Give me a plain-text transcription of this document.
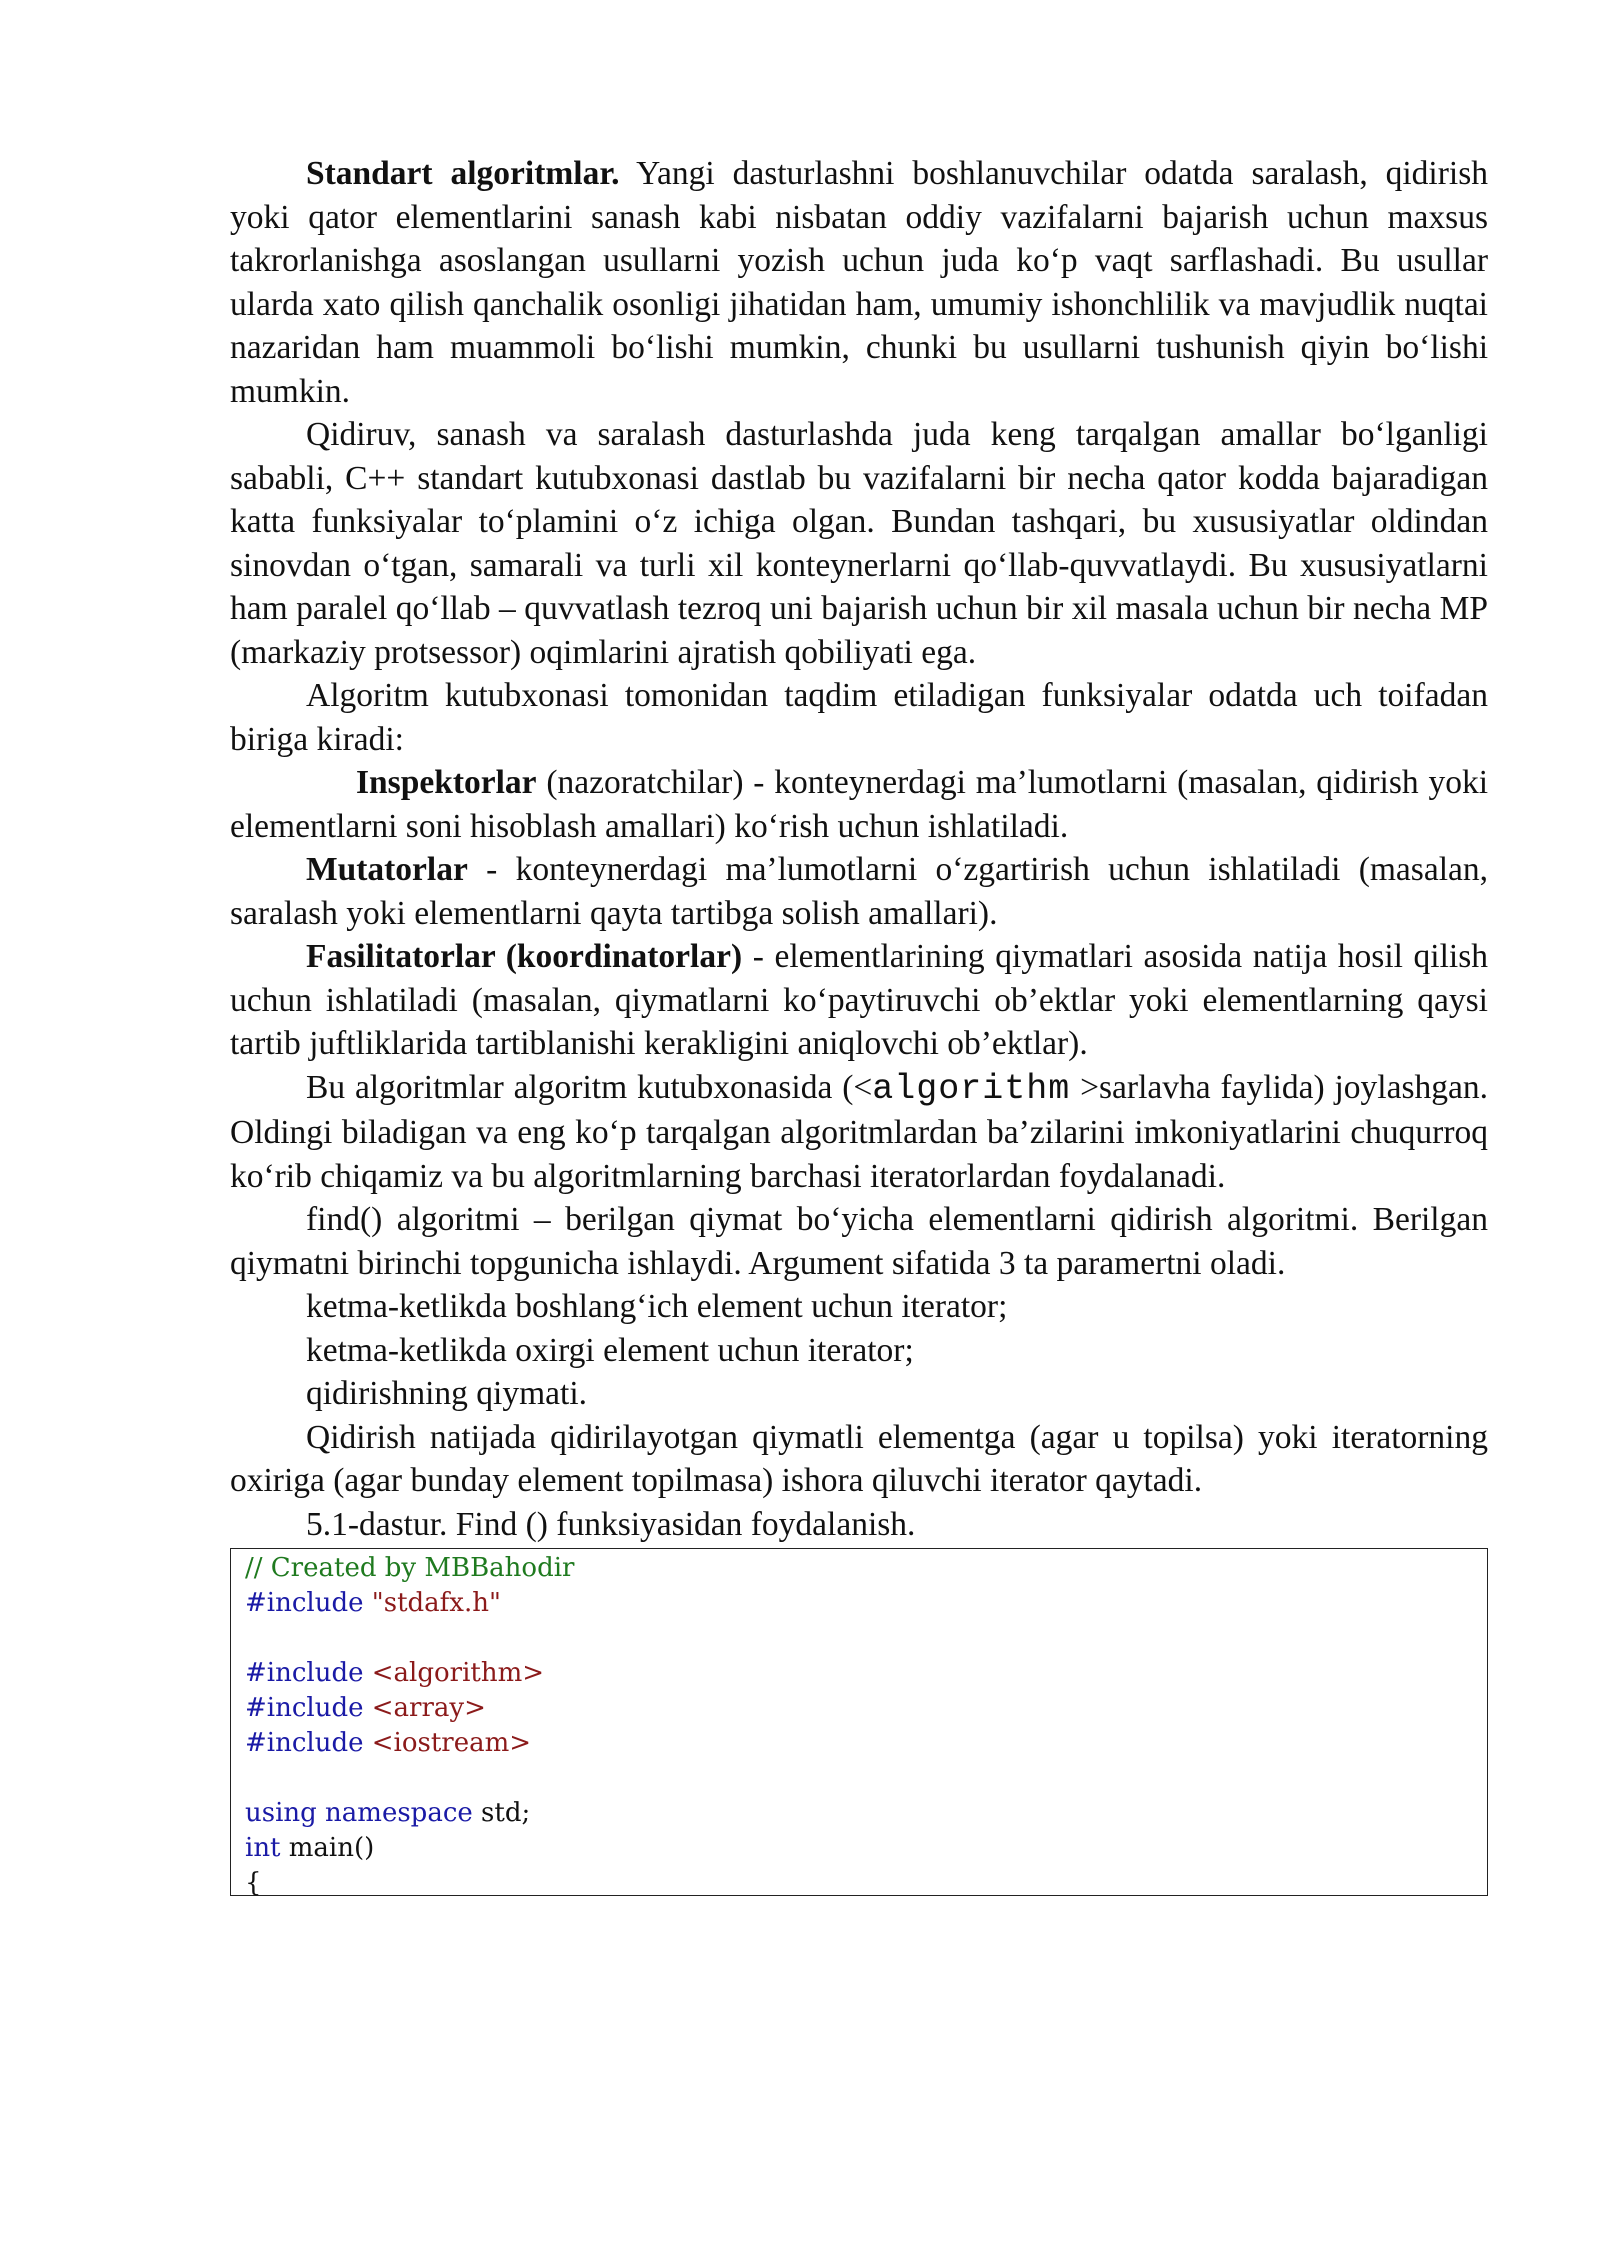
Standart algoritmlar. Yangi dasturlashni boshlanuvchilar odatda saralash, qidirish yoki qator elementlarini sanash kabi nisbatan oddiy vazifalarni bajarish uchun maxsus takrorlanishga asoslangan usullarni yozish uchun juda ko‘p vaqt sarflashadi. Bu usullar ularda xato qilish qanchalik osonligi jihatidan ham, umumiy ishonchlilik va mavjudlik nuqtai nazaridan ham muammoli bo‘lishi mumkin, chunki bu usullarni tushunish qiyin bo‘lishi mumkin.

Qidiruv, sanash va saralash dasturlashda juda keng tarqalgan amallar bo‘lganligi sababli, C++ standart kutubxonasi dastlab bu vazifalarni bir necha qator kodda bajaradigan katta funksiyalar to‘plamini o‘z ichiga olgan. Bundan tashqari, bu xususiyatlar oldindan sinovdan o‘tgan, samarali va turli xil konteynerlarni qo‘llab-quvvatlaydi. Bu xususiyatlarni ham paralel qo‘llab – quvvatlash tezroq uni bajarish uchun bir xil masala uchun bir necha MP (markaziy protsessor) oqimlarini ajratish qobiliyati ega.

Algoritm kutubxonasi tomonidan taqdim etiladigan funksiyalar odatda uch toifadan biriga kiradi:

Inspektorlar (nazoratchilar) - konteynerdagi ma’lumotlarni (masalan, qidirish yoki elementlarni soni hisoblash amallari) ko‘rish uchun ishlatiladi.

Mutatorlar - konteynerdagi ma’lumotlarni o‘zgartirish uchun ishlatiladi (masalan, saralash yoki elementlarni qayta tartibga solish amallari).

Fasilitatorlar (koordinatorlar) - elementlarining qiymatlari asosida natija hosil qilish uchun ishlatiladi (masalan, qiymatlarni ko‘paytiruvchi ob’ektlar yoki elementlarning qaysi tartib juftliklarida tartiblanishi kerakligini aniqlovchi ob’ektlar).

Bu algoritmlar algoritm kutubxonasida (<algorithm >sarlavha faylida) joylashgan. Oldingi biladigan va eng ko‘p tarqalgan algoritmlardan ba’zilarini imkoniyatlarini chuqurroq ko‘rib chiqamiz va bu algoritmlarning barchasi iteratorlardan foydalanadi.

find() algoritmi – berilgan qiymat bo‘yicha elementlarni qidirish algoritmi. Berilgan qiymatni birinchi topgunicha ishlaydi. Argument sifatida 3 ta paramertni oladi.

ketma-ketlikda boshlang‘ich element uchun iterator;

ketma-ketlikda oxirgi element uchun iterator;

qidirishning qiymati.

Qidirish natijada qidirilayotgan qiymatli elementga (agar u topilsa) yoki iteratorning oxiriga (agar bunday element topilmasa) ishora qiluvchi iterator qaytadi.

5.1-dastur. Find () funksiyasidan foydalanish.

// Created by MBBahodir
#include "stdafx.h"
#include <algorithm>
#include <array>
#include <iostream>
using namespace std;
int main()
{
